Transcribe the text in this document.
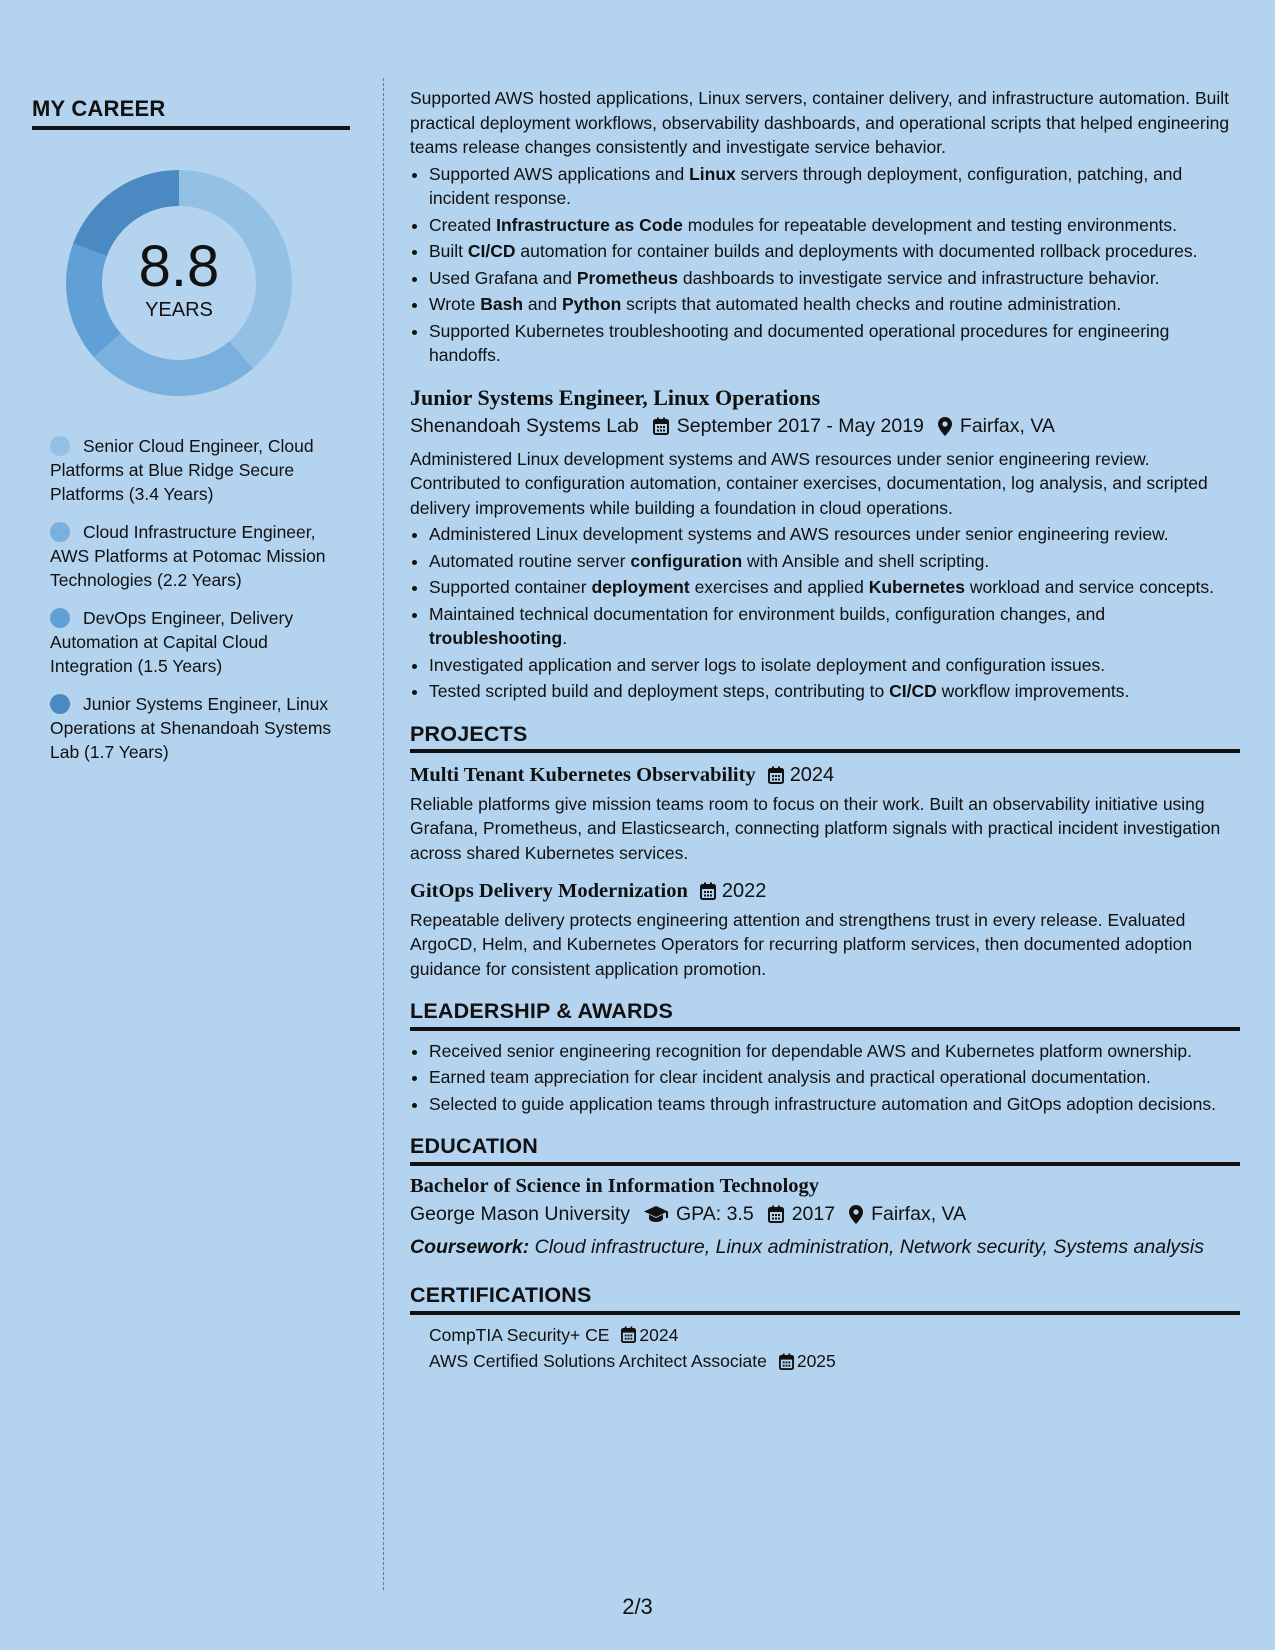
MY CAREER
8.8
YEARS
Senior Cloud Engineer, Cloud Platforms at Blue Ridge Secure Platforms (3.4 Years)
Cloud Infrastructure Engineer, AWS Platforms at Potomac Mission Technologies (2.2 Years)
DevOps Engineer, Delivery Automation at Capital Cloud Integration (1.5 Years)
Junior Systems Engineer, Linux Operations at Shenandoah Systems Lab (1.7 Years)

Supported AWS hosted applications, Linux servers, container delivery, and infrastructure automation. Built practical deployment workflows, observability dashboards, and operational scripts that helped engineering teams release changes consistently and investigate service behavior.

• Supported AWS applications and Linux servers through deployment, configuration, patching, and incident response.
• Created Infrastructure as Code modules for repeatable development and testing environments.
• Built CI/CD automation for container builds and deployments with documented rollback procedures.
• Used Grafana and Prometheus dashboards to investigate service and infrastructure behavior.
• Wrote Bash and Python scripts that automated health checks and routine administration.
• Supported Kubernetes troubleshooting and documented operational procedures for engineering handoffs.
Junior Systems Engineer, Linux Operations
Shenandoah Systems Lab September 2017 - May 2019 Fairfax, VA

Administered Linux development systems and AWS resources under senior engineering review. Contributed to configuration automation, container exercises, documentation, log analysis, and scripted delivery improvements while building a foundation in cloud operations.

• Administered Linux development systems and AWS resources under senior engineering review.
• Automated routine server configuration with Ansible and shell scripting.
• Supported container deployment exercises and applied Kubernetes workload and service concepts.
• Maintained technical documentation for environment builds, configuration changes, and troubleshooting.
• Investigated application and server logs to isolate deployment and configuration issues.
• Tested scripted build and deployment steps, contributing to CI/CD workflow improvements.
PROJECTS
Multi Tenant Kubernetes Observability 2024

Reliable platforms give mission teams room to focus on their work. Built an observability initiative using Grafana, Prometheus, and Elasticsearch, connecting platform signals with practical incident investigation across shared Kubernetes services.

GitOps Delivery Modernization 2022

Repeatable delivery protects engineering attention and strengthens trust in every release. Evaluated ArgoCD, Helm, and Kubernetes Operators for recurring platform services, then documented adoption guidance for consistent application promotion.

LEADERSHIP & AWARDS
• Received senior engineering recognition for dependable AWS and Kubernetes platform ownership.
• Earned team appreciation for clear incident analysis and practical operational documentation.
• Selected to guide application teams through infrastructure automation and GitOps adoption decisions.
EDUCATION
Bachelor of Science in Information Technology
George Mason University GPA: 3.5 2017 Fairfax, VA
Coursework: Cloud infrastructure, Linux administration, Network security, Systems analysis
CERTIFICATIONS
CompTIA Security+ CE 2024
AWS Certified Solutions Architect Associate 2025
2/3
